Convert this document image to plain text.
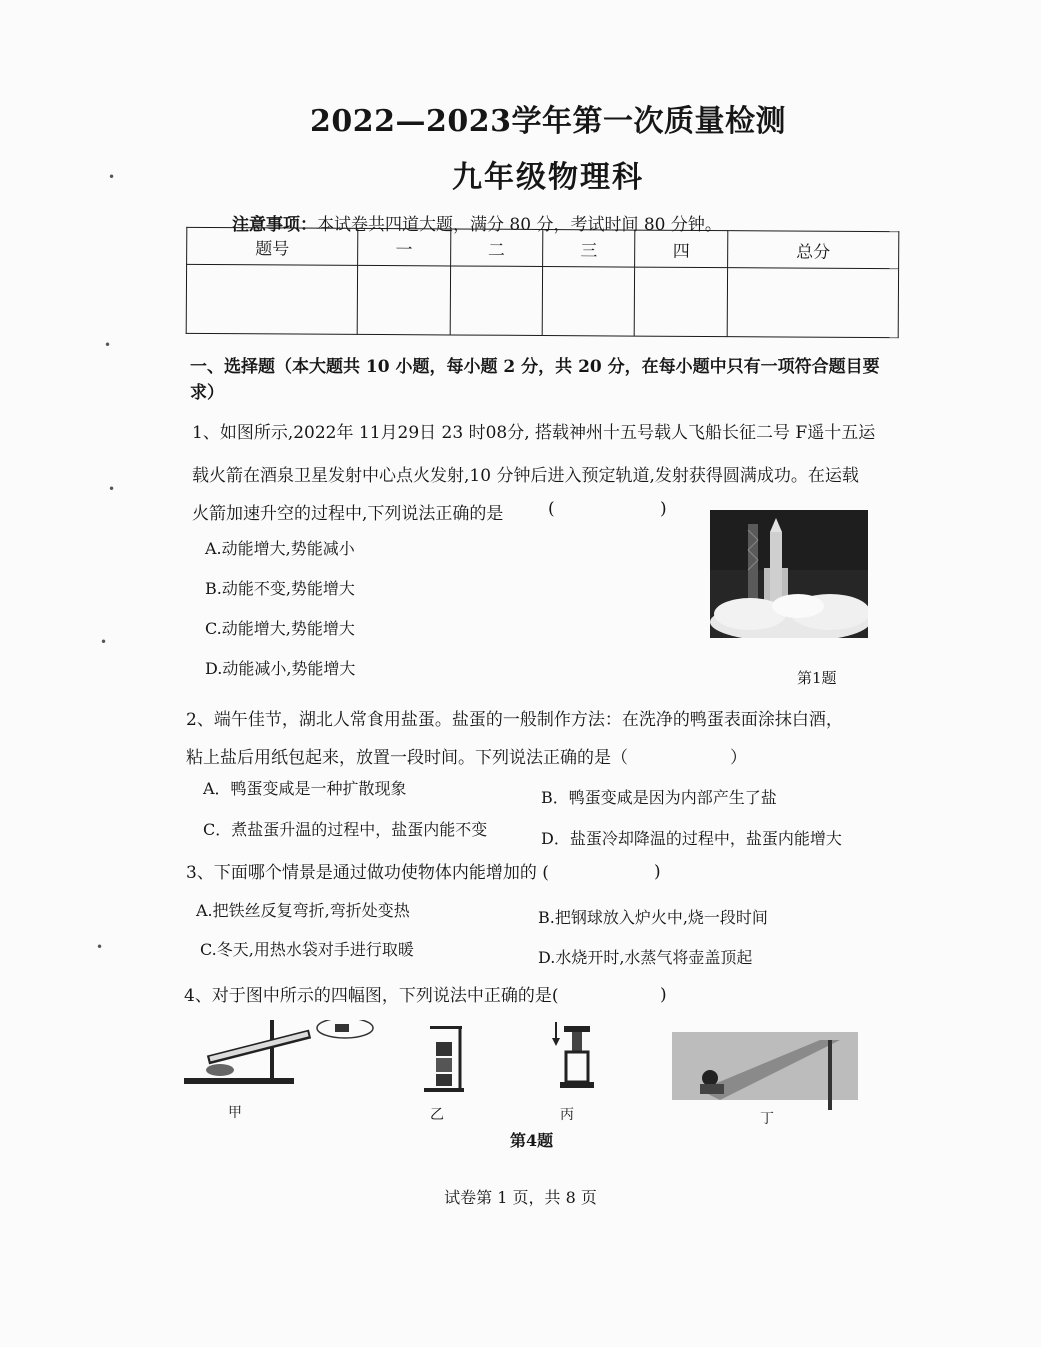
•
•
•
•
•
2022—2023学年第一次质量检测
九年级物理科
注意事项：本试卷共四道大题，满分 80 分，考试时间 80 分钟。
题号	一	二	三	四	总分

一、选择题（本大题共 10 小题，每小题 2 分，共 20 分，在每小题中只有一项符合题目要求）
1、如图所示,2022年 11月29日 23 时08分, 搭载神州十五号载人飞船长征二号 F遥十五运
载火箭在酒泉卫星发射中心点火发射,10 分钟后进入预定轨道,发射获得圆满成功。在运载
火箭加速升空的过程中,下列说法正确的是	(	)
A.动能增大,势能减小
B.动能不变,势能增大
C.动能增大,势能增大
D.动能减小,势能增大	第1题
2、端午佳节，湖北人常食用盐蛋。盐蛋的一般制作方法：在洗净的鸭蛋表面涂抹白酒，
粘上盐后用纸包起来，放置一段时间。下列说法正确的是（	）
A．鸭蛋变咸是一种扩散现象	B．鸭蛋变咸是因为内部产生了盐
C．煮盐蛋升温的过程中，盐蛋内能不变	D．盐蛋冷却降温的过程中，盐蛋内能增大
3、下面哪个情景是通过做功使物体内能增加的 (	)
A.把铁丝反复弯折,弯折处变热	B.把钢球放入炉火中,烧一段时间
C.冬天,用热水袋对手进行取暖	D.水烧开时,水蒸气将壶盖顶起
4、对于图中所示的四幅图，下列说法中正确的是(	)
甲	乙	丙	丁
第4题
试卷第 1 页，共 8 页
